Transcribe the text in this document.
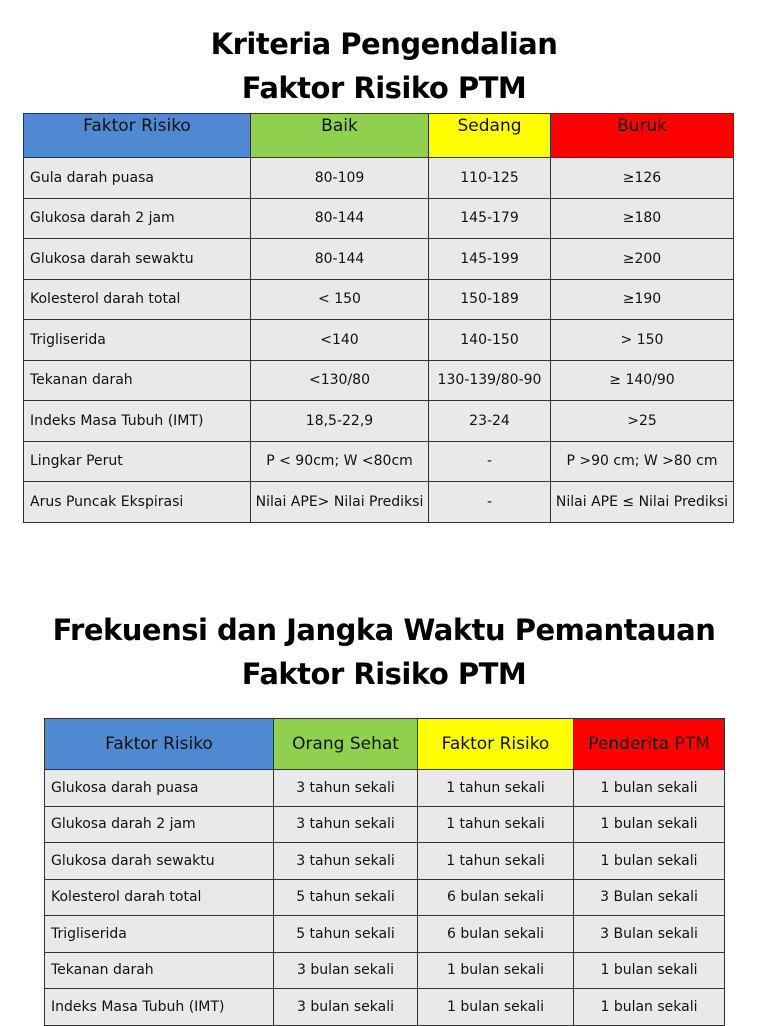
Kriteria Pengendalian
Faktor Risiko PTM
Faktor Risiko	Baik	Sedang	Buruk
Gula darah puasa	80-109	110-125	≥126
Glukosa darah 2 jam	80-144	145-179	≥180
Glukosa darah sewaktu	80-144	145-199	≥200
Kolesterol darah total	< 150	150-189	≥190
Trigliserida	<140	140-150	> 150
Tekanan darah	<130/80	130-139/80-90	≥ 140/90
Indeks Masa Tubuh (IMT)	18,5-22,9	23-24	>25
Lingkar Perut	P < 90cm; W <80cm	-	P >90 cm; W >80 cm
Arus Puncak Ekspirasi	Nilai APE> Nilai Prediksi	-	Nilai APE ≤ Nilai Prediksi
Frekuensi dan Jangka Waktu Pemantauan
Faktor Risiko PTM
Faktor Risiko	Orang Sehat	Faktor Risiko	Penderita PTM
Glukosa darah puasa	3 tahun sekali	1 tahun sekali	1 bulan sekali
Glukosa darah 2 jam	3 tahun sekali	1 tahun sekali	1 bulan sekali
Glukosa darah sewaktu	3 tahun sekali	1 tahun sekali	1 bulan sekali
Kolesterol darah total	5 tahun sekali	6 bulan sekali	3 Bulan sekali
Trigliserida	5 tahun sekali	6 bulan sekali	3 Bulan sekali
Tekanan darah	3 bulan sekali	1 bulan sekali	1 bulan sekali
Indeks Masa Tubuh (IMT)	3 bulan sekali	1 bulan sekali	1 bulan sekali
